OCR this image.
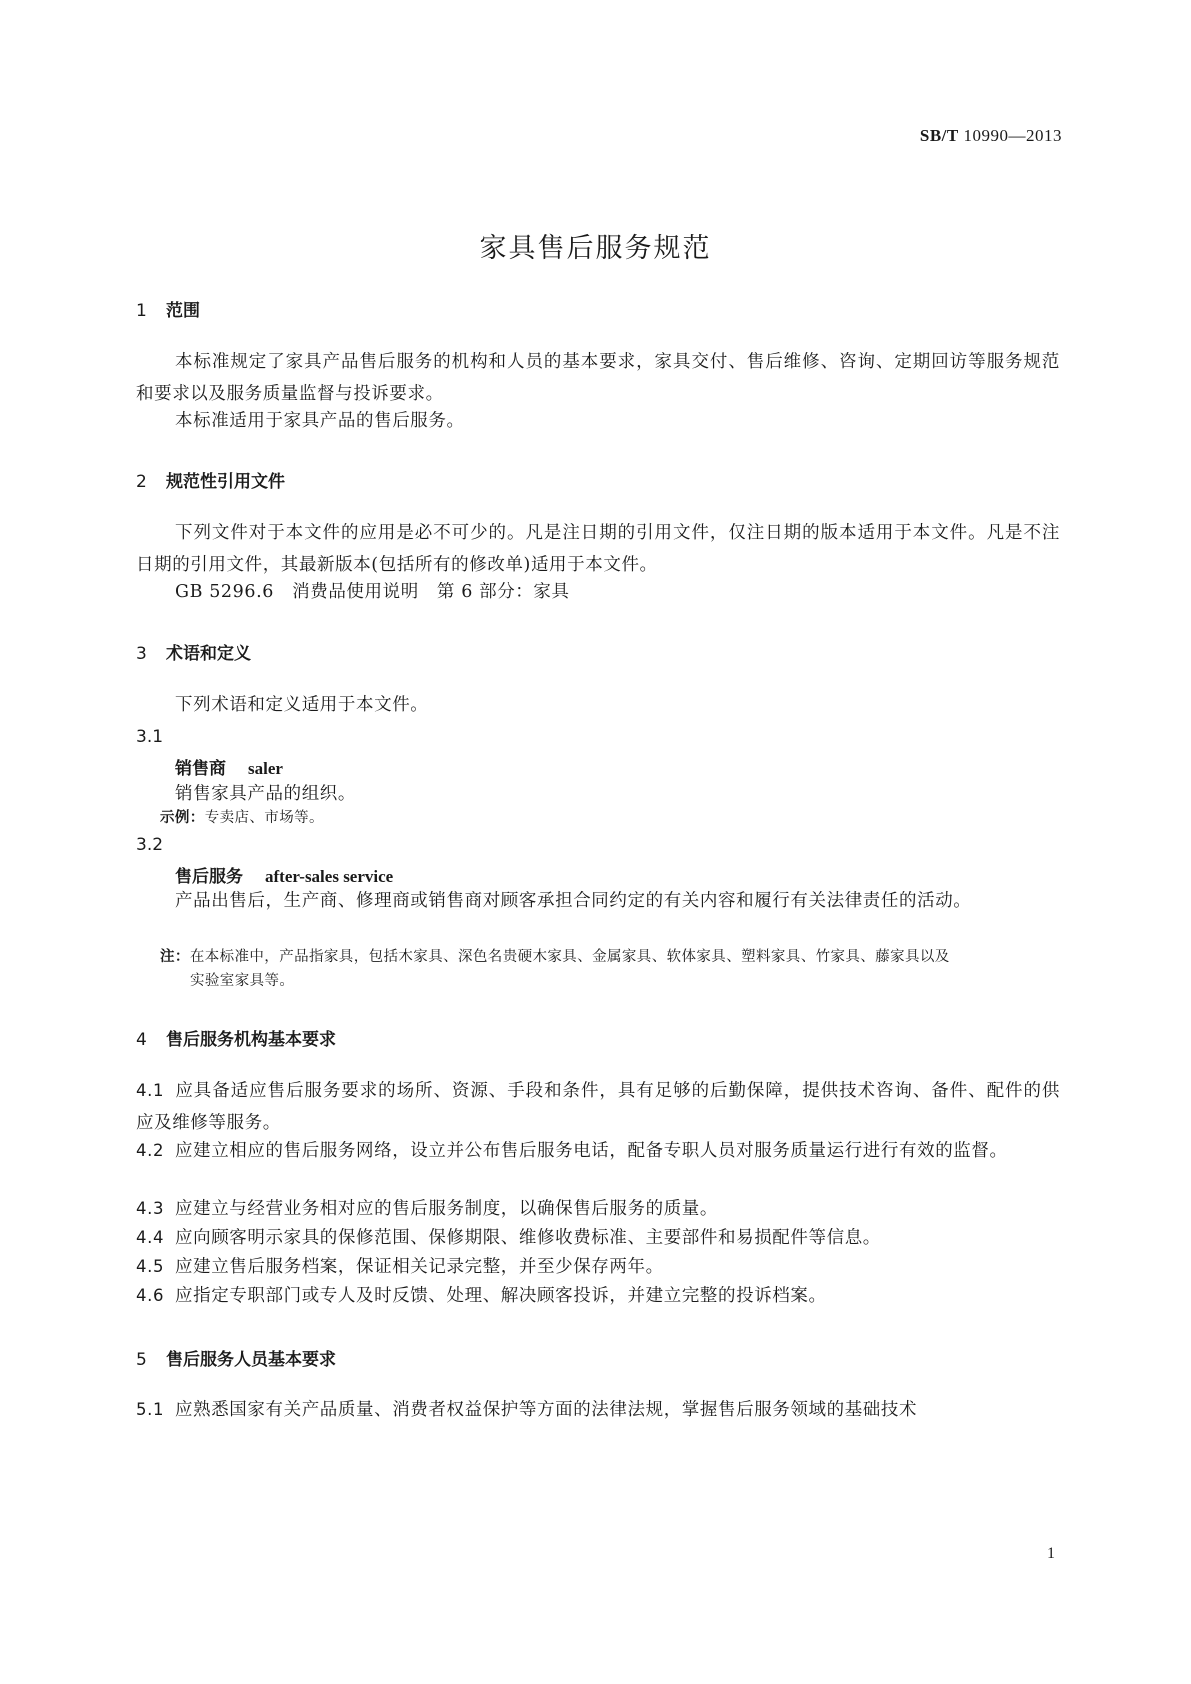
SB/T 10990—2013
家具售后服务规范
1 范围
本标准规定了家具产品售后服务的机构和人员的基本要求，家具交付、售后维修、咨询、定期回访等服务规范和要求以及服务质量监督与投诉要求。
本标准适用于家具产品的售后服务。
2 规范性引用文件
下列文件对于本文件的应用是必不可少的。凡是注日期的引用文件，仅注日期的版本适用于本文件。凡是不注日期的引用文件，其最新版本(包括所有的修改单)适用于本文件。
GB 5296.6　消费品使用说明　第 6 部分：家具
3 术语和定义
下列术语和定义适用于本文件。
3.1
销售商 saler
销售家具产品的组织。
示例：专卖店、市场等。
3.2
售后服务 after-sales service
产品出售后，生产商、修理商或销售商对顾客承担合同约定的有关内容和履行有关法律责任的活动。
注：在本标准中，产品指家具，包括木家具、深色名贵硬木家具、金属家具、软体家具、塑料家具、竹家具、藤家具以及
实验室家具等。
4 售后服务机构基本要求
4.1 应具备适应售后服务要求的场所、资源、手段和条件，具有足够的后勤保障，提供技术咨询、备件、配件的供应及维修等服务。
4.2 应建立相应的售后服务网络，设立并公布售后服务电话，配备专职人员对服务质量运行进行有效的监督。
4.3 应建立与经营业务相对应的售后服务制度，以确保售后服务的质量。
4.4 应向顾客明示家具的保修范围、保修期限、维修收费标准、主要部件和易损配件等信息。
4.5 应建立售后服务档案，保证相关记录完整，并至少保存两年。
4.6 应指定专职部门或专人及时反馈、处理、解决顾客投诉，并建立完整的投诉档案。
5 售后服务人员基本要求
5.1 应熟悉国家有关产品质量、消费者权益保护等方面的法律法规，掌握售后服务领域的基础技术
1
